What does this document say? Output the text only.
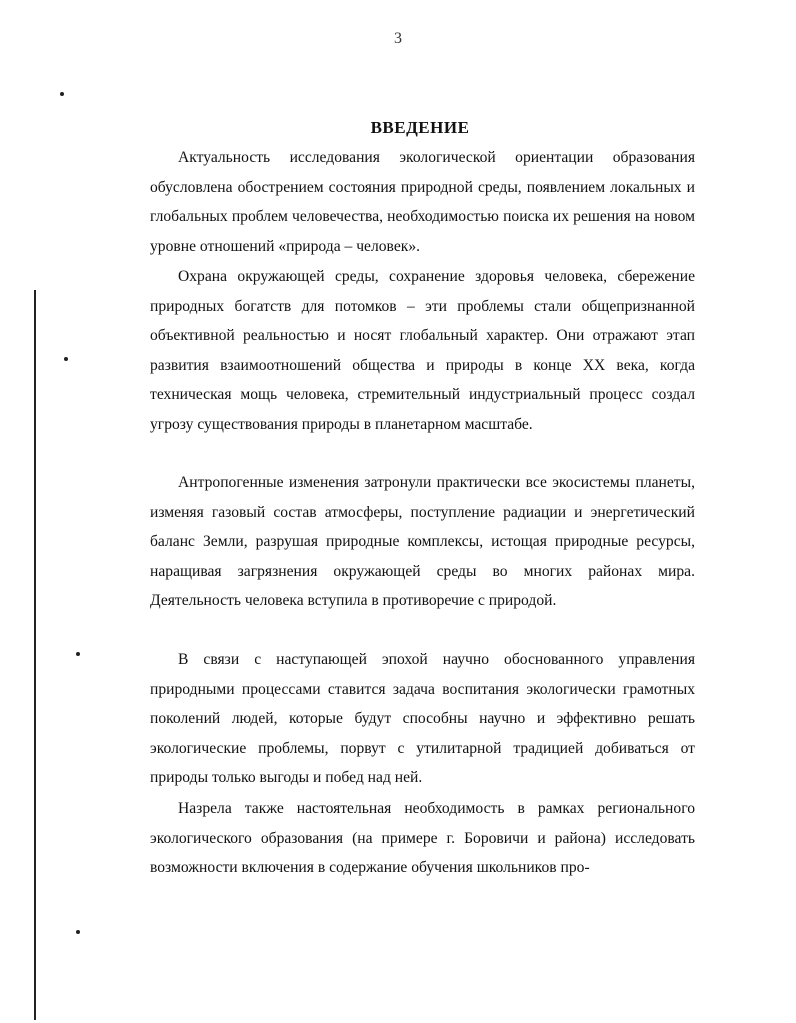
3
ВВЕДЕНИЕ

Актуальность исследования экологической ориентации образования обусловлена обострением состояния природной среды, появлением локальных и глобальных проблем человечества, необходимостью поиска их решения на новом уровне отношений «природа – человек».

Охрана окружающей среды, сохранение здоровья человека, сбережение природных богатств для потомков – эти проблемы стали общепризнанной объективной реальностью и носят глобальный характер. Они отражают этап развития взаимоотношений общества и природы в конце XX века, когда техническая мощь человека, стремительный индустриальный процесс создал угрозу существования природы в планетарном масштабе.

Антропогенные изменения затронули практически все экосистемы планеты, изменяя газовый состав атмосферы, поступление радиации и энергетический баланс Земли, разрушая природные комплексы, истощая природные ресурсы, наращивая загрязнения окружающей среды во многих районах мира. Деятельность человека вступила в противоречие с природой.

В связи с наступающей эпохой научно обоснованного управления природными процессами ставится задача воспитания экологически грамотных поколений людей, которые будут способны научно и эффективно решать экологические проблемы, порвут с утилитарной традицией добиваться от природы только выгоды и побед над ней.

Назрела также настоятельная необходимость в рамках регионального экологического образования (на примере г. Боровичи и района) исследовать возможности включения в содержание обучения школьников про-
